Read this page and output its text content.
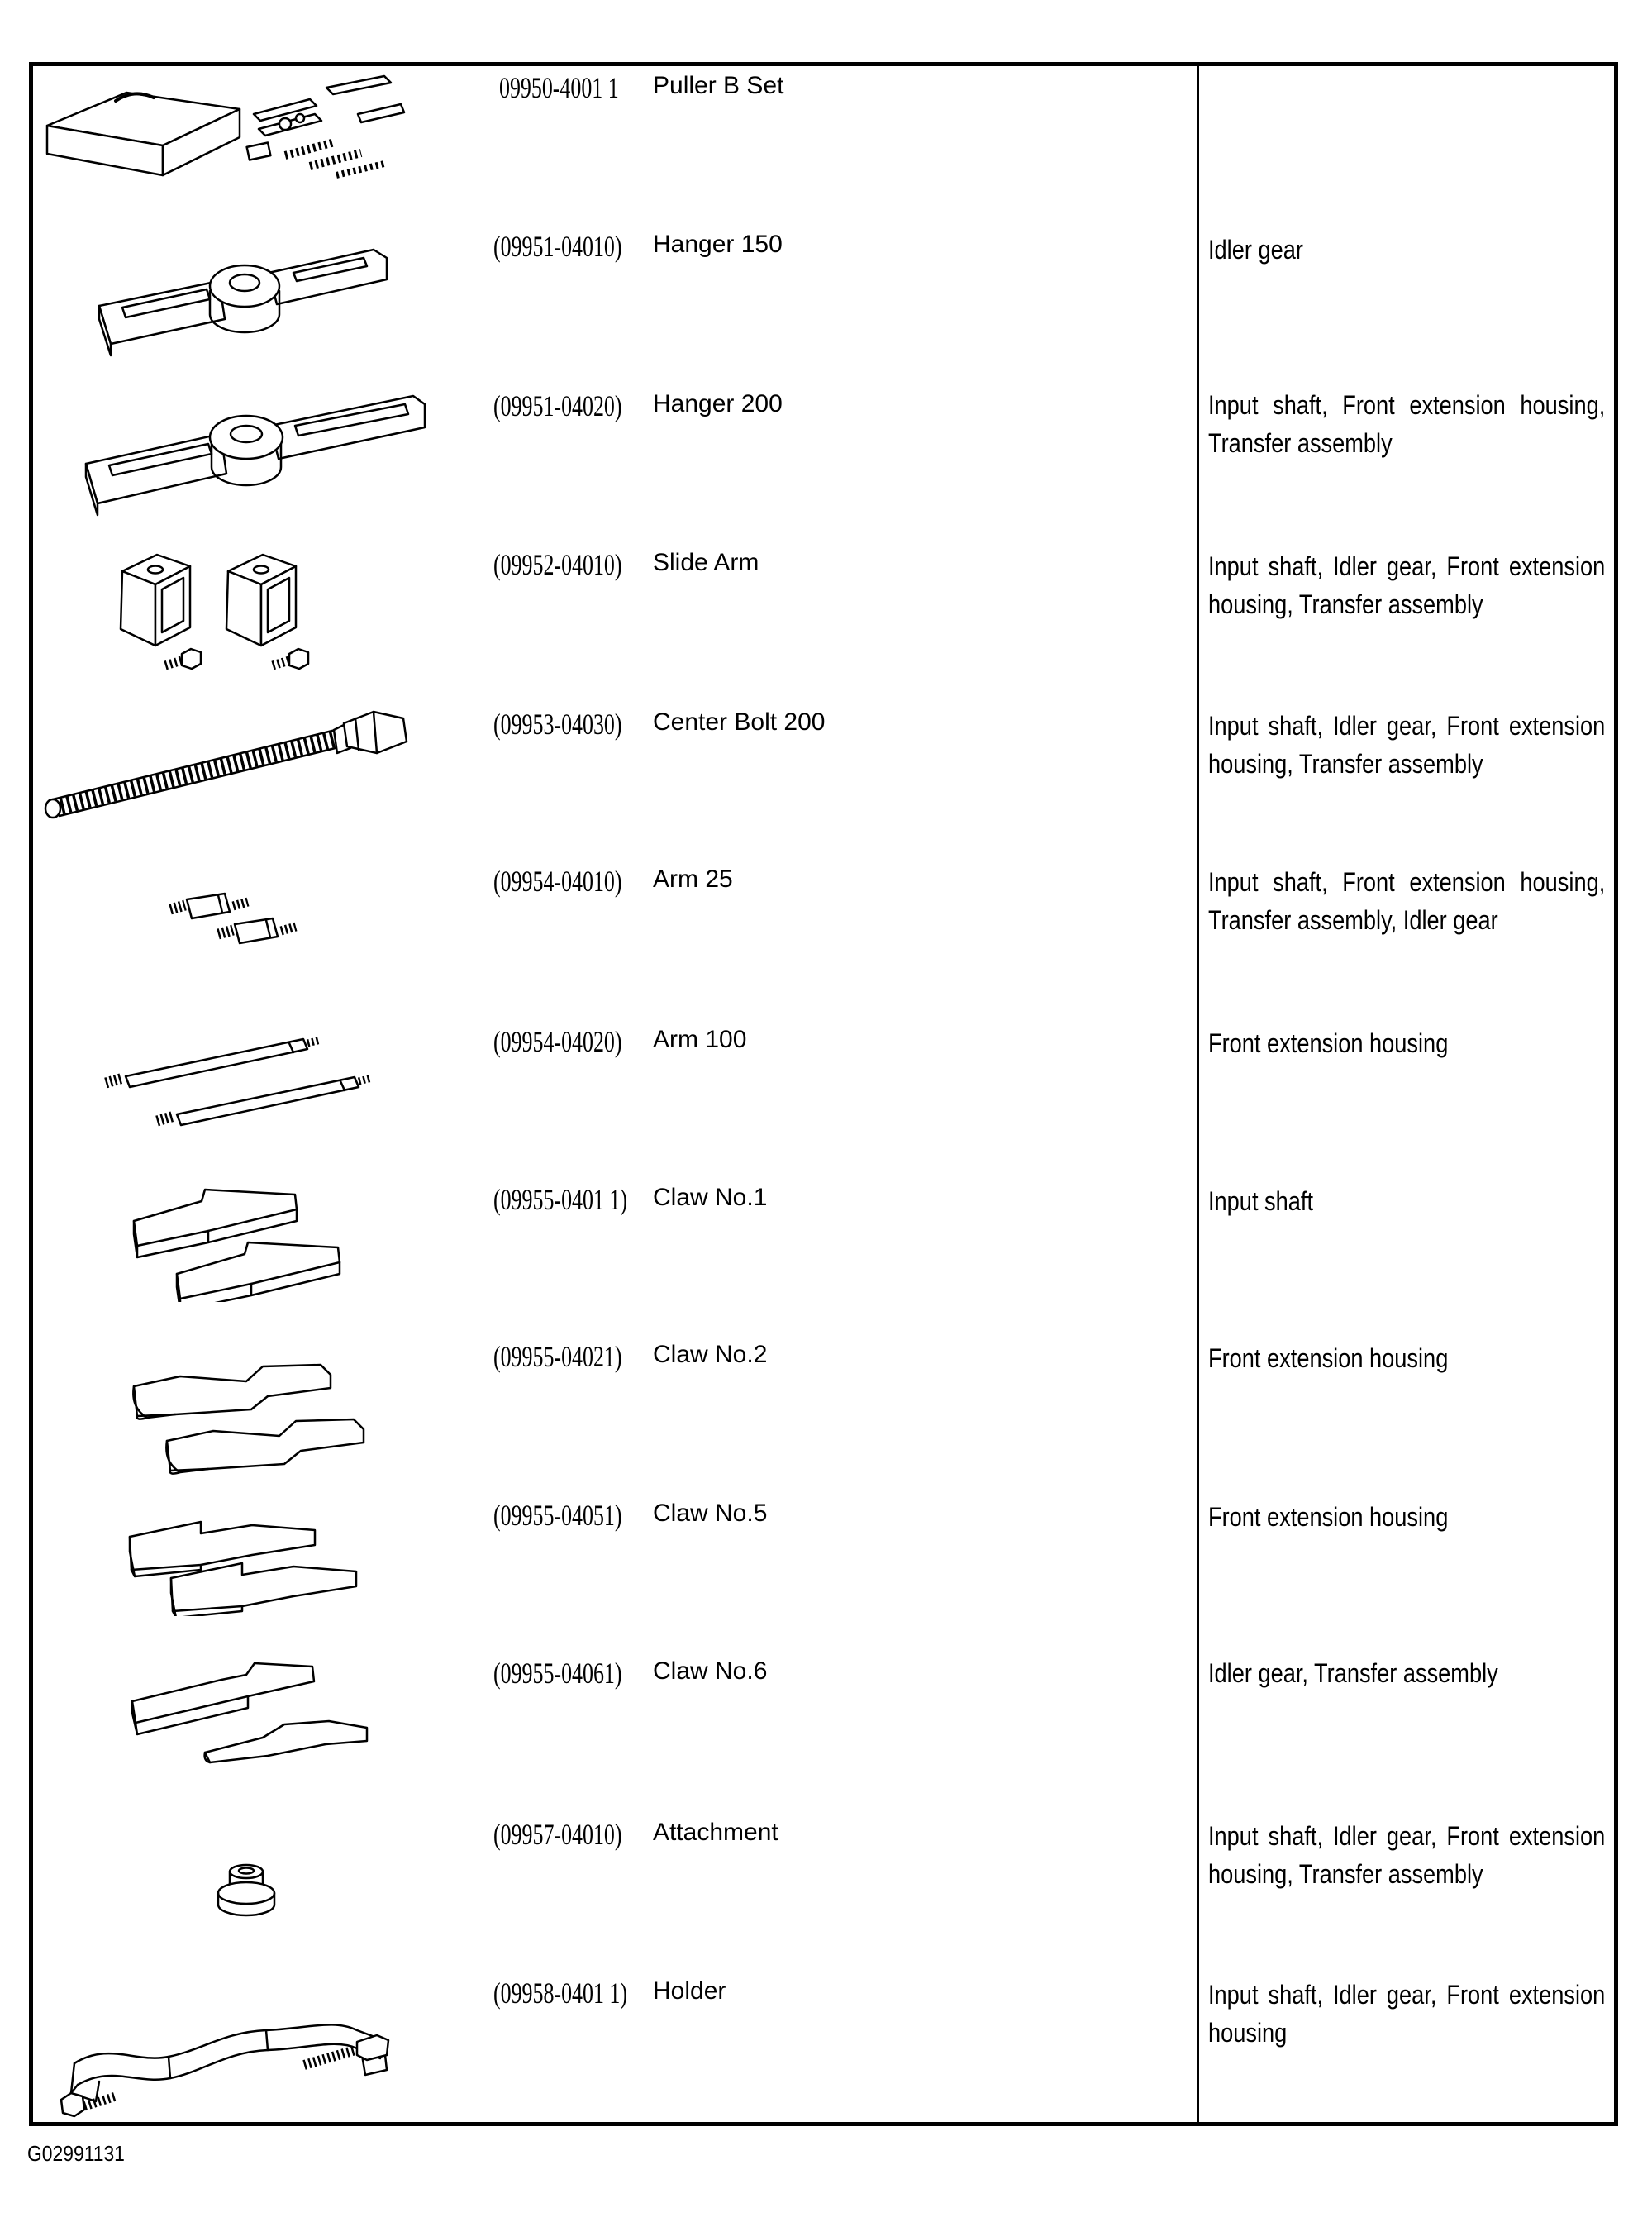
09950-4001 1 Puller B Set
(09951-04010) Hanger 150	Idler gear
(09951-04020) Hanger 200	Input shaft, Front extension housing, Transfer assembly
(09952-04010) Slide Arm	Input shaft, Idler gear, Front extension housing, Transfer assembly
(09953-04030) Center Bolt 200	Input shaft, Idler gear, Front extension housing, Transfer assembly
(09954-04010) Arm 25	Input shaft, Front extension housing, Transfer assembly, Idler gear
(09954-04020) Arm 100	Front extension housing
(09955-0401 1) Claw No.1	Input shaft
(09955-04021) Claw No.2	Front extension housing
(09955-04051) Claw No.5	Front extension housing
(09955-04061) Claw No.6	Idler gear, Transfer assembly
(09957-04010) Attachment	Input shaft, Idler gear, Front extension housing, Transfer assembly
(09958-0401 1) Holder	Input shaft, Idler gear, Front extension housing
G02991131
